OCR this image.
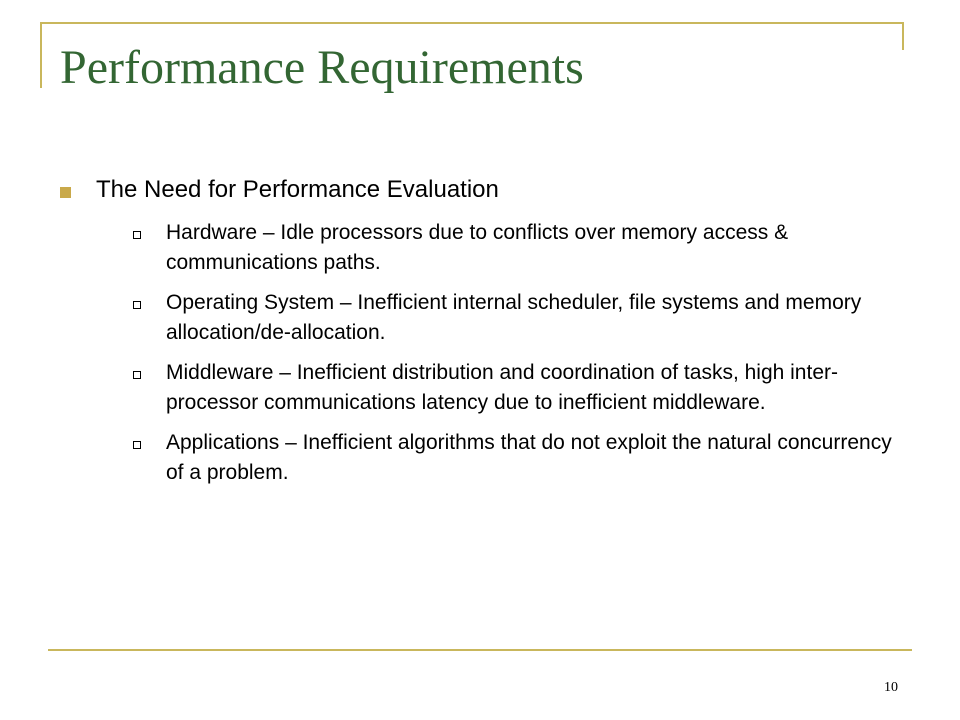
Performance Requirements
The Need for Performance Evaluation
Hardware – Idle processors due to conflicts over memory access & communications paths.
Operating System – Inefficient internal scheduler, file systems and memory allocation/de-allocation.
Middleware – Inefficient distribution and coordination of tasks, high inter-processor communications latency due to inefficient middleware.
Applications – Inefficient algorithms that do not exploit the natural concurrency of a problem.
10
